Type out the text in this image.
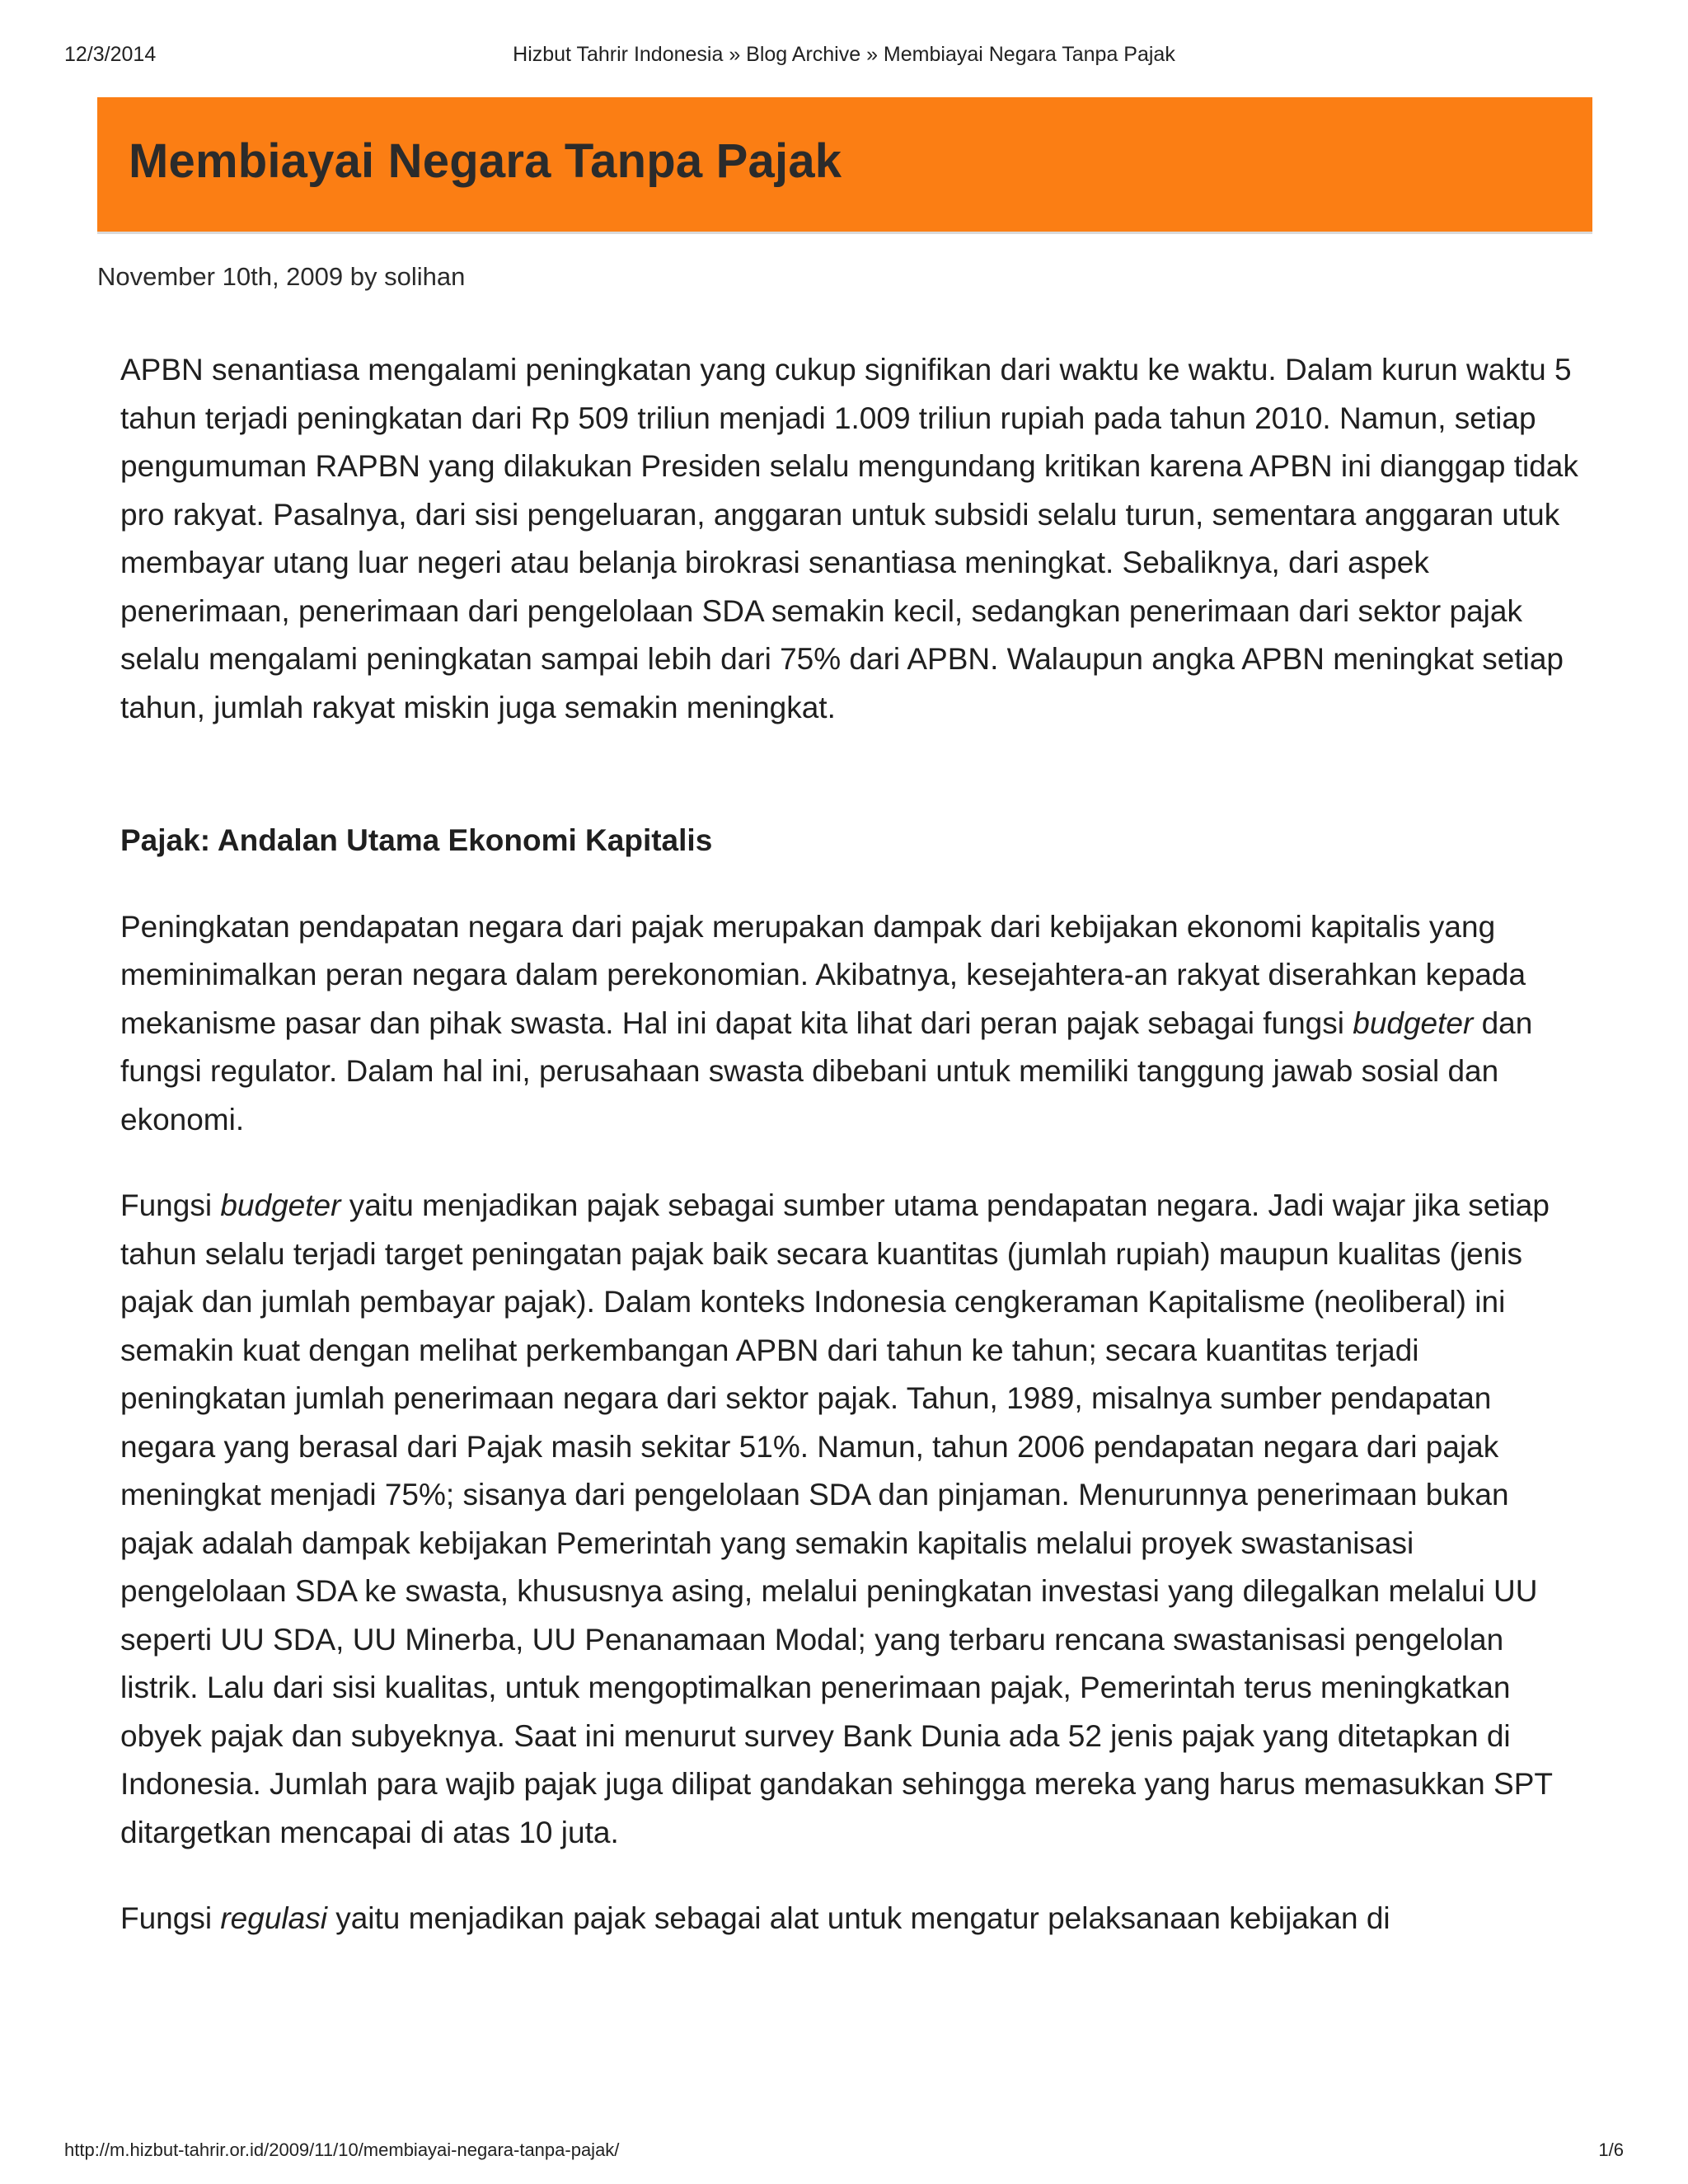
12/3/2014	Hizbut Tahrir Indonesia » Blog Archive » Membiayai Negara Tanpa Pajak
Membiayai Negara Tanpa Pajak
November 10th, 2009 by solihan

APBN senantiasa mengalami peningkatan yang cukup signifikan dari waktu ke waktu. Dalam kurun waktu 5 tahun terjadi peningkatan dari Rp 509 triliun menjadi 1.009 triliun rupiah pada tahun 2010. Namun, setiap pengumuman RAPBN yang dilakukan Presiden selalu mengundang kritikan karena APBN ini dianggap tidak pro rakyat. Pasalnya, dari sisi pengeluaran, anggaran untuk subsidi selalu turun, sementara anggaran utuk membayar utang luar negeri atau belanja birokrasi senantiasa meningkat. Sebaliknya, dari aspek penerimaan, penerimaan dari pengelolaan SDA semakin kecil, sedangkan penerimaan dari sektor pajak selalu mengalami peningkatan sampai lebih dari 75% dari APBN. Walaupun angka APBN meningkat setiap tahun, jumlah rakyat miskin juga semakin meningkat.

Pajak: Andalan Utama Ekonomi Kapitalis

Peningkatan pendapatan negara dari pajak merupakan dampak dari kebijakan ekonomi kapitalis yang meminimalkan peran negara dalam perekonomian. Akibatnya, kesejahtera-an rakyat diserahkan kepada mekanisme pasar dan pihak swasta. Hal ini dapat kita lihat dari peran pajak sebagai fungsi budgeter dan fungsi regulator. Dalam hal ini, perusahaan swasta dibebani untuk memiliki tanggung jawab sosial dan ekonomi.

Fungsi budgeter yaitu menjadikan pajak sebagai sumber utama pendapatan negara. Jadi wajar jika setiap tahun selalu terjadi target peningatan pajak baik secara kuantitas (jumlah rupiah) maupun kualitas (jenis pajak dan jumlah pembayar pajak). Dalam konteks Indonesia cengkeraman Kapitalisme (neoliberal) ini semakin kuat dengan melihat perkembangan APBN dari tahun ke tahun; secara kuantitas terjadi peningkatan jumlah penerimaan negara dari sektor pajak. Tahun, 1989, misalnya sumber pendapatan negara yang berasal dari Pajak masih sekitar 51%. Namun, tahun 2006 pendapatan negara dari pajak meningkat menjadi 75%; sisanya dari pengelolaan SDA dan pinjaman. Menurunnya penerimaan bukan pajak adalah dampak kebijakan Pemerintah yang semakin kapitalis melalui proyek swastanisasi pengelolaan SDA ke swasta, khususnya asing, melalui peningkatan investasi yang dilegalkan melalui UU seperti UU SDA, UU Minerba, UU Penanamaan Modal; yang terbaru rencana swastanisasi pengelolan listrik. Lalu dari sisi kualitas, untuk mengoptimalkan penerimaan pajak, Pemerintah terus meningkatkan obyek pajak dan subyeknya. Saat ini menurut survey Bank Dunia ada 52 jenis pajak yang ditetapkan di Indonesia. Jumlah para wajib pajak juga dilipat gandakan sehingga mereka yang harus memasukkan SPT ditargetkan mencapai di atas 10 juta.

Fungsi regulasi yaitu menjadikan pajak sebagai alat untuk mengatur pelaksanaan kebijakan di

http://m.hizbut-tahrir.or.id/2009/11/10/membiayai-negara-tanpa-pajak/	1/6
